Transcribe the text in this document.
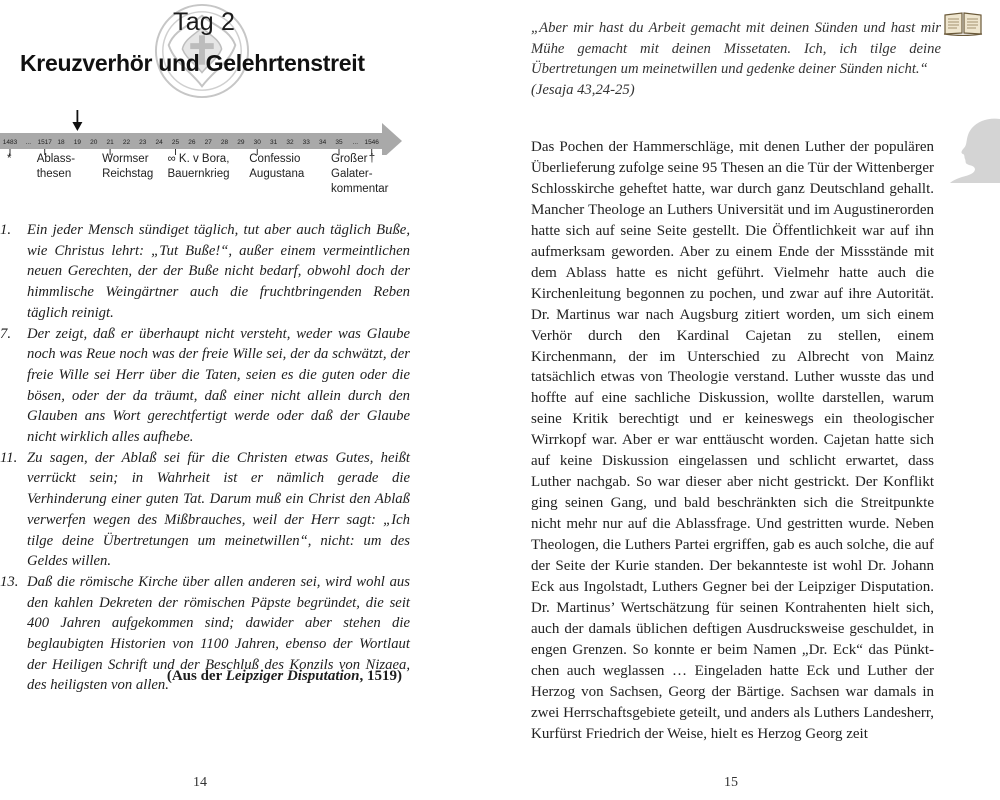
Tag 2
Kreuzverhör und Gelehrtenstreit
1483 ... 1517 18 19 20 21 22 23 24 25 26 27 28 29 30 31 32 33 34 35 ... 1546
* Ablass-
thesen
Wormser
Reichstag
∞ K. v Bora,
Bauernkrieg
Confessio
Augustana
Großer
Galater-
kommentar
†
1. Ein jeder Mensch sündiget täglich, tut aber auch täglich Buße, wie Christus lehrt: „Tut Buße!“, außer einem vermeintlichen neuen Gerechten, der der Buße nicht bedarf, obwohl doch der himmlische Weingärtner auch die fruchtbringenden Reben täglich reinigt.
7. Der zeigt, daß er überhaupt nicht versteht, weder was Glaube noch was Reue noch was der freie Wille sei, der da schwätzt, der freie Wille sei Herr über die Taten, seien es die guten oder die bösen, oder der da träumt, daß einer nicht allein durch den Glauben ans Wort gerechtfertigt werde oder daß der Glaube nicht wirklich alles aufhebe.
11. Zu sagen, der Ablaß sei für die Christen etwas Gutes, heißt verrückt sein; in Wahrheit ist er nämlich gerade die Verhinderung einer guten Tat. Darum muß ein Christ den Ablaß verwerfen wegen des Mißbrauches, weil der Herr sagt: „Ich tilge deine Übertretungen um meinetwillen“, nicht: um des Geldes willen.
13. Daß die römische Kirche über allen anderen sei, wird wohl aus den kahlen Dekreten der römischen Päpste begründet, die seit 400 Jahren aufgekommen sind; dawider aber stehen die beglaubigten Historien von 1100 Jahren, ebenso der Wortlaut der Heiligen Schrift und der Beschluß des Konzils von Nizaea, des heiligsten von allen.
(Aus der Leipziger Disputation, 1519)
14
„Aber mir hast du Arbeit gemacht mit deinen Sünden und hast mir Mühe gemacht mit deinen Missetaten. Ich, ich tilge deine Übertretungen um meinetwillen und gedenke deiner Sünden nicht.“
(Jesaja 43,24-25)
Das Pochen der Hammerschläge, mit denen Luther der populären Überlieferung zufolge seine 95 Thesen an die Tür der Wittenberger Schlosskirche geheftet hatte, war durch ganz Deutschland gehallt. Mancher Theologe an Luthers Universität und im Augustinerorden hatte sich auf seine Seite gestellt. Die Öffentlichkeit war auf ihn aufmerksam geworden. Aber zu einem Ende der Missstände mit dem Ablass hatte es nicht geführt. Vielmehr hatte auch die Kirchenleitung begonnen zu pochen, und zwar auf ihre Autorität. Dr. Martinus war nach Augsburg zitiert worden, um sich einem Verhör durch den Kardinal Cajetan zu stellen, einem Kirchenmann, der im Unterschied zu Albrecht von Mainz tatsächlich etwas von Theologie verstand. Luther wusste das und hoffte auf eine sachliche Diskussion, wollte darstellen, warum seine Kritik berechtigt und er keineswegs ein theologischer Wirrkopf war. Aber er war enttäuscht worden. Cajetan hatte sich auf keine Diskussion eingelassen und schlicht erwartet, dass Luther nachgab. So war dieser aber nicht gestrickt. Der Konflikt ging seinen Gang, und bald beschränkten sich die Streitpunkte nicht mehr nur auf die Ablassfrage. Und gestritten wurde. Neben Theologen, die Luthers Partei ergriffen, gab es auch solche, die auf der Seite der Kurie standen. Der bekannteste ist wohl Dr. Johann Eck aus Ingolstadt, Luthers Gegner bei der Leipziger Disputation. Dr. Martinus’ Wertschätzung für seinen Kontrahenten hielt sich, auch der damals üblichen deftigen Ausdrucksweise geschuldet, in engen Grenzen. So konnte er beim Namen „Dr. Eck“ das Pünktchen auch weglassen … Eingeladen hatte Eck und Luther der Herzog von Sachsen, Georg der Bärtige. Sachsen war damals in zwei Herrschaftsgebiete geteilt, und anders als Luthers Landesherr, Kurfürst Friedrich der Weise, hielt es Herzog Georg zeit
15
